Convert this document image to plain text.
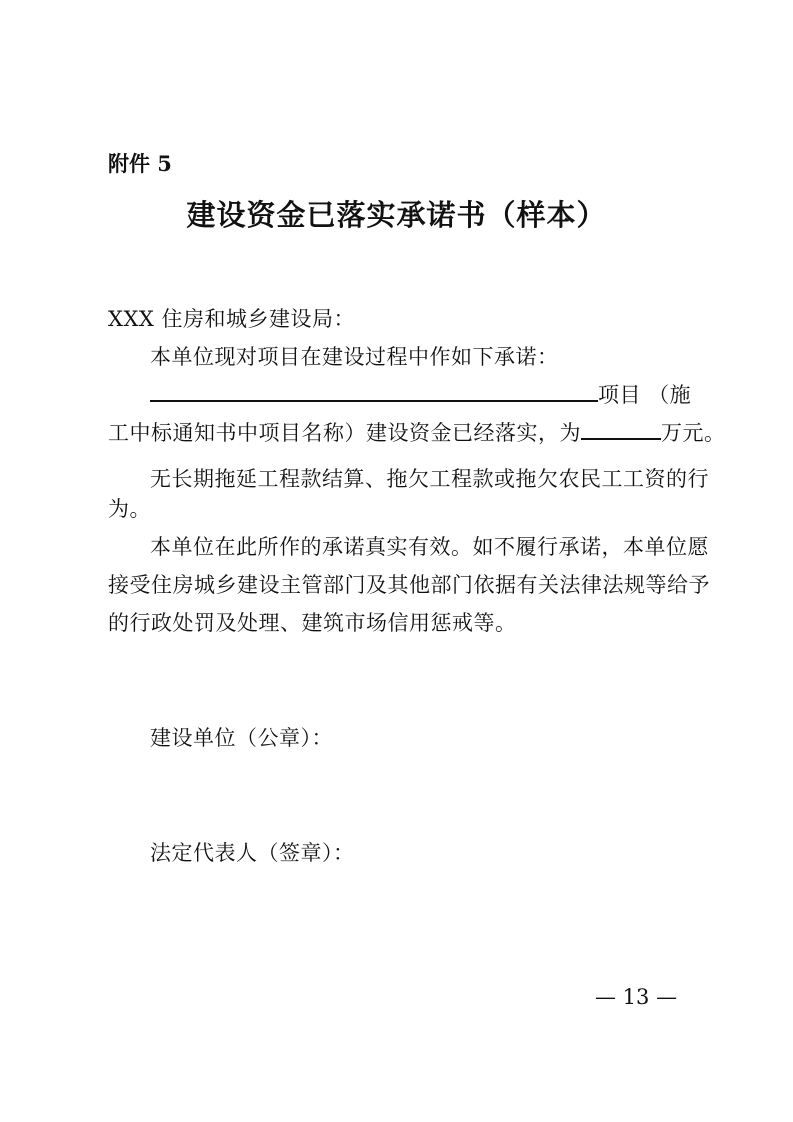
附件 5
建设资金已落实承诺书（样本）
XXX 住房和城乡建设局：
本单位现对项目在建设过程中作如下承诺：
项目 （施
工中标通知书中项目名称）建设资金已经落实，为	万元。
无长期拖延工程款结算、拖欠工程款或拖欠农民工工资的行
为。
本单位在此所作的承诺真实有效。如不履行承诺，本单位愿
接受住房城乡建设主管部门及其他部门依据有关法律法规等给予
的行政处罚及处理、建筑市场信用惩戒等。
建设单位（公章）：
法定代表人（签章）：
— 13 —
